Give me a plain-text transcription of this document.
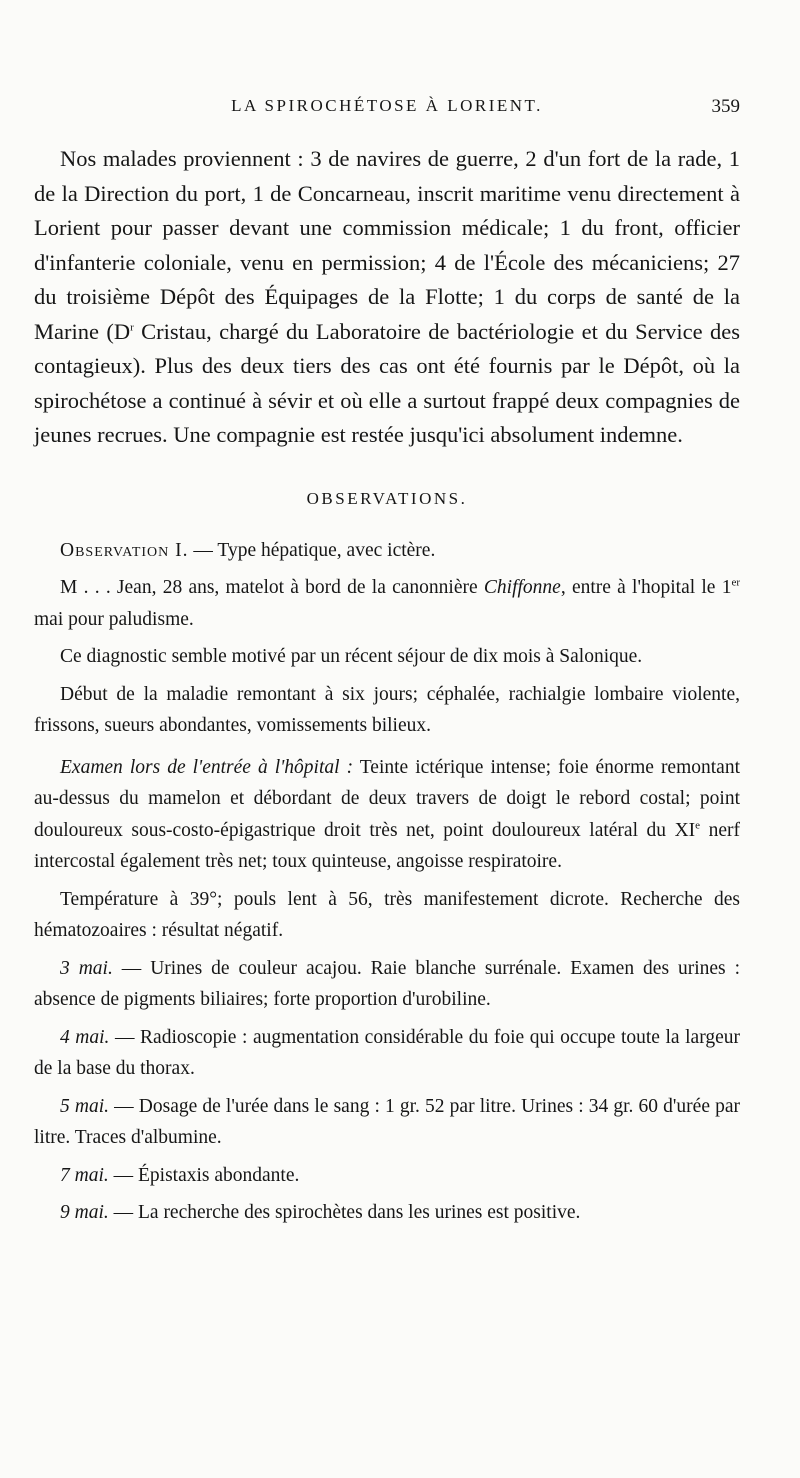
LA SPIROCHÉTOSE À LORIENT.	359

Nos malades proviennent : 3 de navires de guerre, 2 d'un fort de la rade, 1 de la Direction du port, 1 de Concarneau, inscrit maritime venu directement à Lorient pour passer devant une commission médicale; 1 du front, officier d'infanterie coloniale, venu en permission; 4 de l'École des mécaniciens; 27 du troisième Dépôt des Équipages de la Flotte; 1 du corps de santé de la Marine ($D^r$ Cristau, chargé du Laboratoire de bactériologie et du Service des contagieux). Plus des deux tiers des cas ont été fournis par le Dépôt, où la spirochétose a continué à sévir et où elle a surtout frappé deux compagnies de jeunes recrues. Une compagnie est restée jusqu'ici absolument indemne.

OBSERVATIONS.

Observation I. — Type hépatique, avec ictère.

M . . . Jean, 28 ans, matelot à bord de la canonnière Chiffonne, entre à l'hopital le 1er mai pour paludisme.

Ce diagnostic semble motivé par un récent séjour de dix mois à Salonique.

Début de la maladie remontant à six jours; céphalée, rachialgie lombaire violente, frissons, sueurs abondantes, vomissements bilieux.

Examen lors de l'entrée à l'hôpital : Teinte ictérique intense; foie énorme remontant au-dessus du mamelon et débordant de deux travers de doigt le rebord costal; point douloureux sous-costo-épigastrique droit très net, point douloureux latéral du XIe nerf intercostal également très net; toux quinteuse, angoisse respiratoire.

Température à 39°; pouls lent à 56, très manifestement dicrote. Recherche des hématozoaires : résultat négatif.

3 mai. — Urines de couleur acajou. Raie blanche surrénale. Examen des urines : absence de pigments biliaires; forte proportion d'urobiline.

4 mai. — Radioscopie : augmentation considérable du foie qui occupe toute la largeur de la base du thorax.

5 mai. — Dosage de l'urée dans le sang : 1 gr. 52 par litre. Urines : 34 gr. 60 d'urée par litre. Traces d'albumine.

7 mai. — Épistaxis abondante.

9 mai. — La recherche des spirochètes dans les urines est positive.
